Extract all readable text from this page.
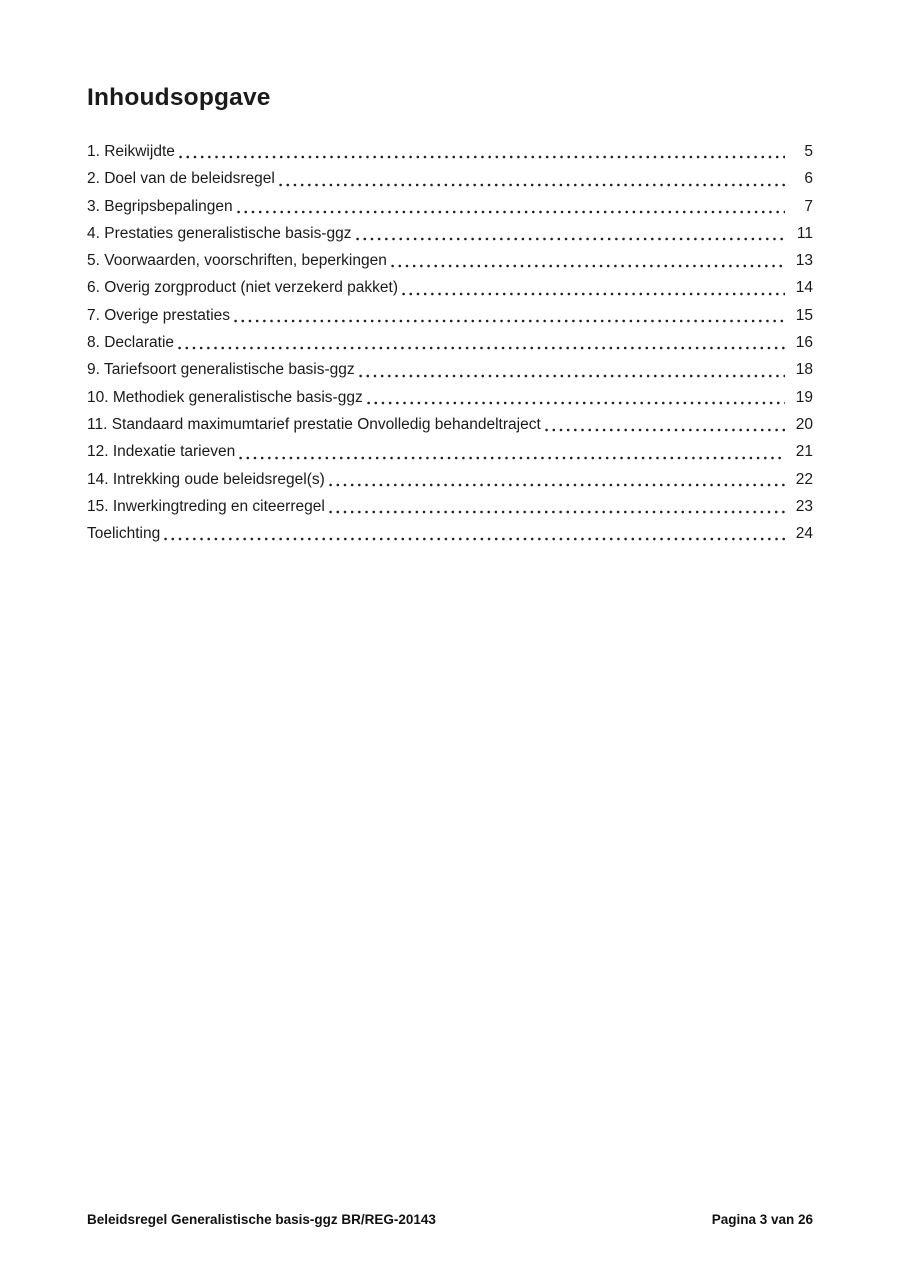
Inhoudsopgave
1. Reikwijdte	5
2. Doel van de beleidsregel	6
3. Begripsbepalingen	7
4. Prestaties generalistische basis-ggz	11
5. Voorwaarden, voorschriften, beperkingen	13
6. Overig zorgproduct (niet verzekerd pakket)	14
7. Overige prestaties	15
8. Declaratie	16
9. Tariefsoort generalistische basis-ggz	18
10. Methodiek generalistische basis-ggz	19
11. Standaard maximumtarief prestatie Onvolledig behandeltraject	20
12. Indexatie tarieven	21
14. Intrekking oude beleidsregel(s)	22
15. Inwerkingtreding en citeerregel	23
Toelichting	24
Beleidsregel Generalistische basis-ggz BR/REG-20143	Pagina 3 van 26
